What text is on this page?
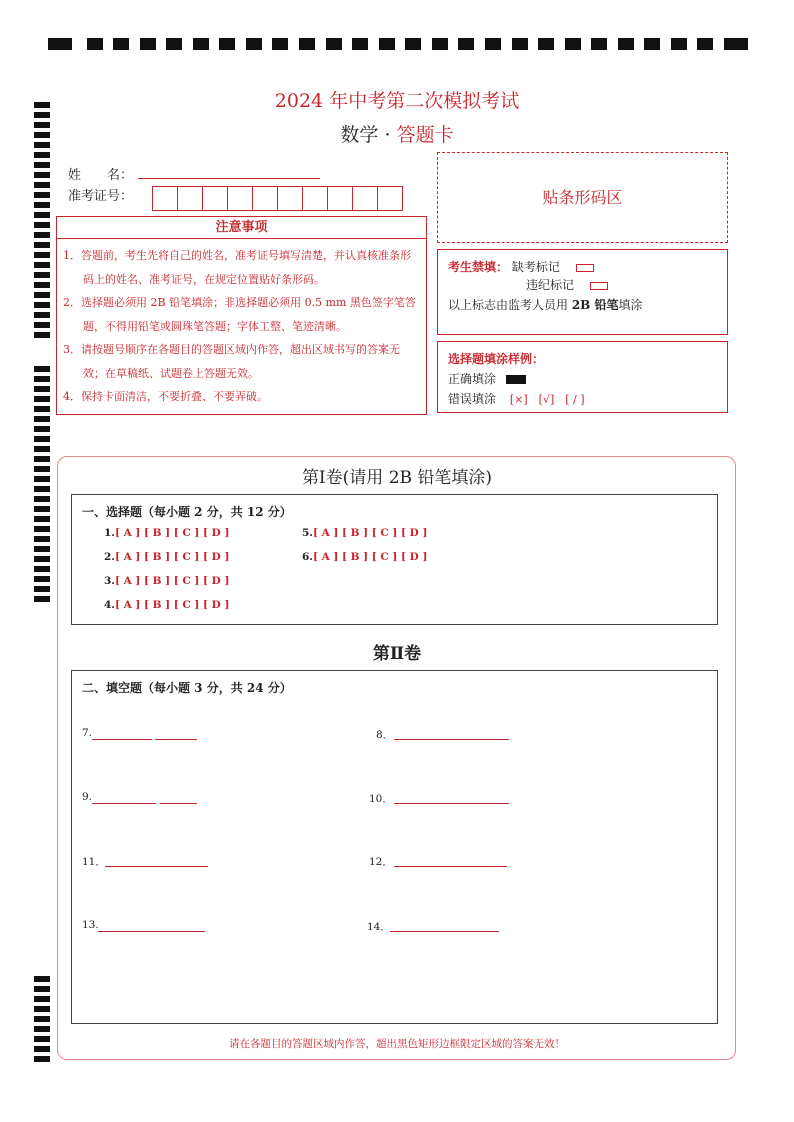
2024 年中考第二次模拟考试
数学 · 答题卡
姓　　名：
准考证号：
注意事项

1．答题前，考生先将自己的姓名，准考证号填写清楚，并认真核准条形码上的姓名、准考证号，在规定位置贴好条形码。

2．选择题必须用 2B 铅笔填涂；非选择题必须用 0.5 mm 黑色签字笔答题，不得用铅笔或圆珠笔答题；字体工整、笔迹清晰。

3．请按题号顺序在各题目的答题区域内作答，超出区域书写的答案无效；在草稿纸、试题卷上答题无效。

4．保持卡面清洁，不要折叠、不要弄破。

贴条形码区
考生禁填： 缺考标记
违纪标记
以上标志由监考人员用 2B 铅笔填涂
选择题填涂样例：
正确填涂
错误填涂 [×]　[√]　[ / ]
第Ⅰ卷(请用 2B 铅笔填涂)
一、选择题（每小题 2 分，共 12 分）
1.[ A ] [ B ] [ C ] [ D ]
2.[ A ] [ B ] [ C ] [ D ]
3.[ A ] [ B ] [ C ] [ D ]
4.[ A ] [ B ] [ C ] [ D ]
5.[ A ] [ B ] [ C ] [ D ]
6.[ A ] [ B ] [ C ] [ D ]
第Ⅱ卷
二、填空题（每小题 3 分，共 24 分）
7.	8．
9.	10．
11．	12．
13.	14．
请在各题目的答题区域内作答，超出黑色矩形边框限定区域的答案无效！
